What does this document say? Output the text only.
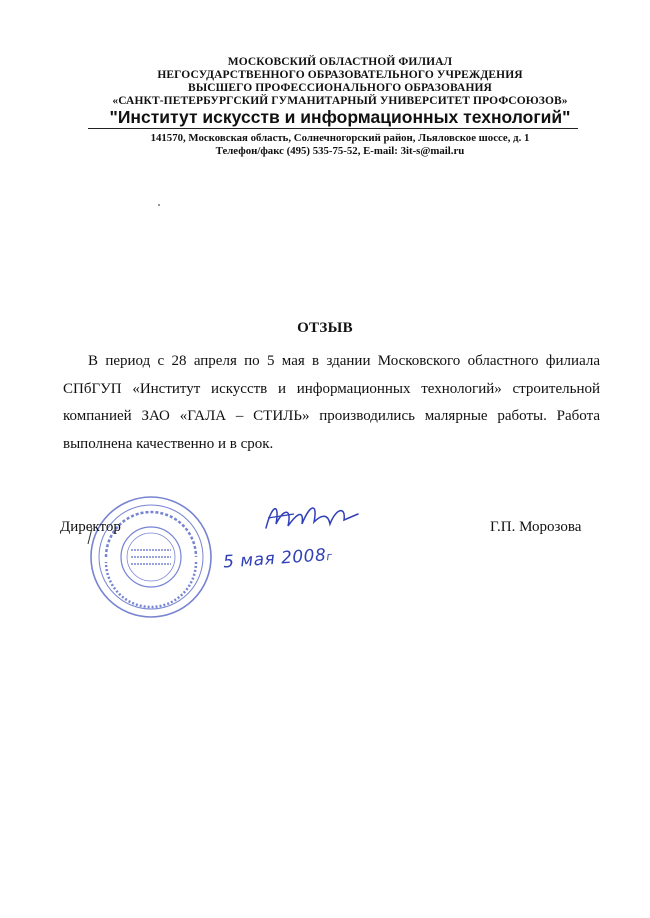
МОСКОВСКИЙ ОБЛАСТНОЙ ФИЛИАЛ
НЕГОСУДАРСТВЕННОГО ОБРАЗОВАТЕЛЬНОГО УЧРЕЖДЕНИЯ
ВЫСШЕГО ПРОФЕССИОНАЛЬНОГО ОБРАЗОВАНИЯ
«САНКТ-ПЕТЕРБУРГСКИЙ ГУМАНИТАРНЫЙ УНИВЕРСИТЕТ ПРОФСОЮЗОВ»
"Институт искусств и информационных технологий"
141570, Московская область, Солнечногорский район, Льяловское шоссе, д. 1
Телефон/факс (495) 535-75-52, E-mail: 3it-s@mail.ru
ОТЗЫВ
В период с 28 апреля по 5 мая в здании Московского областного филиала СПбГУП «Институт искусств и информационных технологий» строительной компанией ЗАО «ГАЛА – СТИЛЬ» производились малярные работы. Работа выполнена качественно и в срок.
5 мая 2008г
Директор	Г.П. Морозова
